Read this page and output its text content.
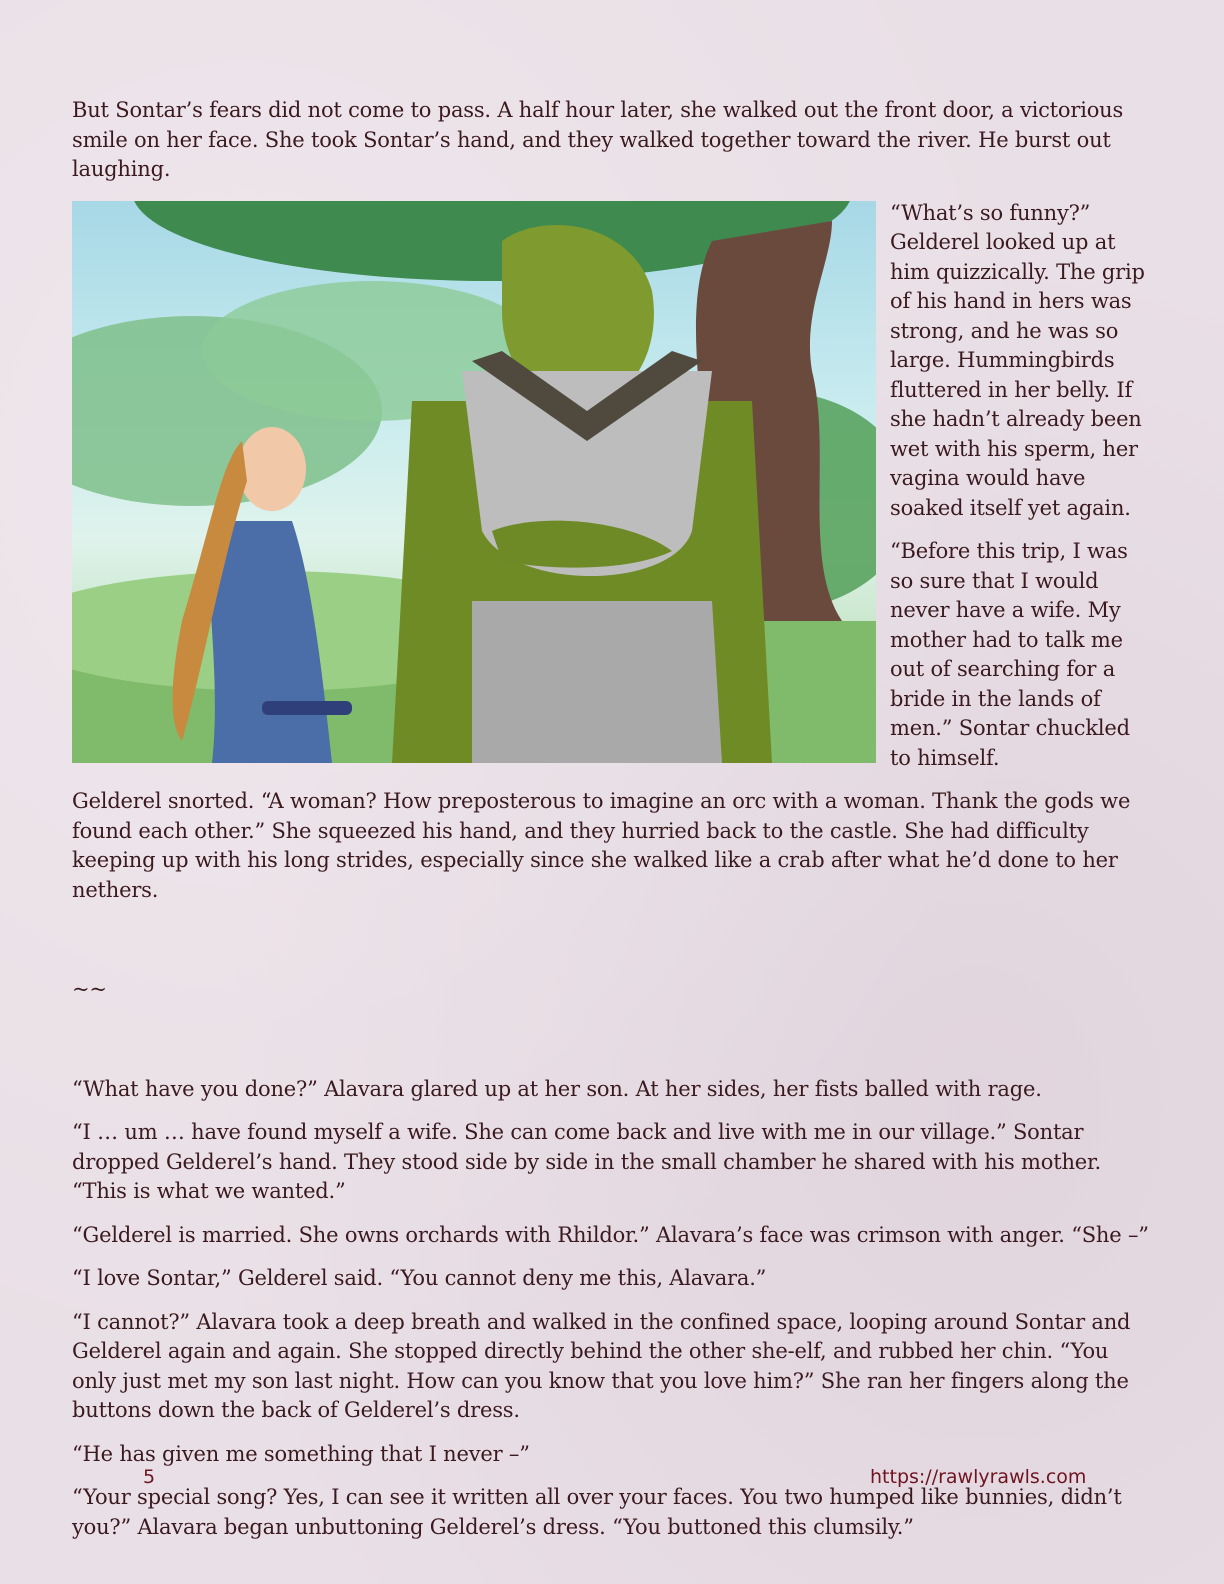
But Sontar’s fears did not come to pass. A half hour later, she walked out the front door, a victorious smile on her face. She took Sontar’s hand, and they walked together toward the river. He burst out laughing.

“What’s so funny?” Gelderel looked up at him quizzically. The grip of his hand in hers was strong, and he was so large. Hummingbirds fluttered in her belly. If she hadn’t already been wet with his sperm, her vagina would have soaked itself yet again.

“Before this trip, I was so sure that I would never have a wife. My mother had to talk me out of searching for a bride in the lands of men.” Sontar chuckled to himself.

Gelderel snorted. “A woman? How preposterous to imagine an orc with a woman. Thank the gods we found each other.” She squeezed his hand, and they hurried back to the castle. She had difficulty keeping up with his long strides, especially since she walked like a crab after what he’d done to her nethers.

~~

“What have you done?” Alavara glared up at her son. At her sides, her fists balled with rage.

“I … um … have found myself a wife. She can come back and live with me in our village.” Sontar dropped Gelderel’s hand. They stood side by side in the small chamber he shared with his mother. “This is what we wanted.”

“Gelderel is married. She owns orchards with Rhildor.” Alavara’s face was crimson with anger. “She –”

“I love Sontar,” Gelderel said. “You cannot deny me this, Alavara.”

“I cannot?” Alavara took a deep breath and walked in the confined space, looping around Sontar and Gelderel again and again. She stopped directly behind the other she-elf, and rubbed her chin. “You only just met my son last night. How can you know that you love him?” She ran her fingers along the buttons down the back of Gelderel’s dress.

“He has given me something that I never –”

“Your special song? Yes, I can see it written all over your faces. You two humped like bunnies, didn’t you?” Alavara began unbuttoning Gelderel’s dress. “You buttoned this clumsily.”

5	https://rawlyrawls.com
